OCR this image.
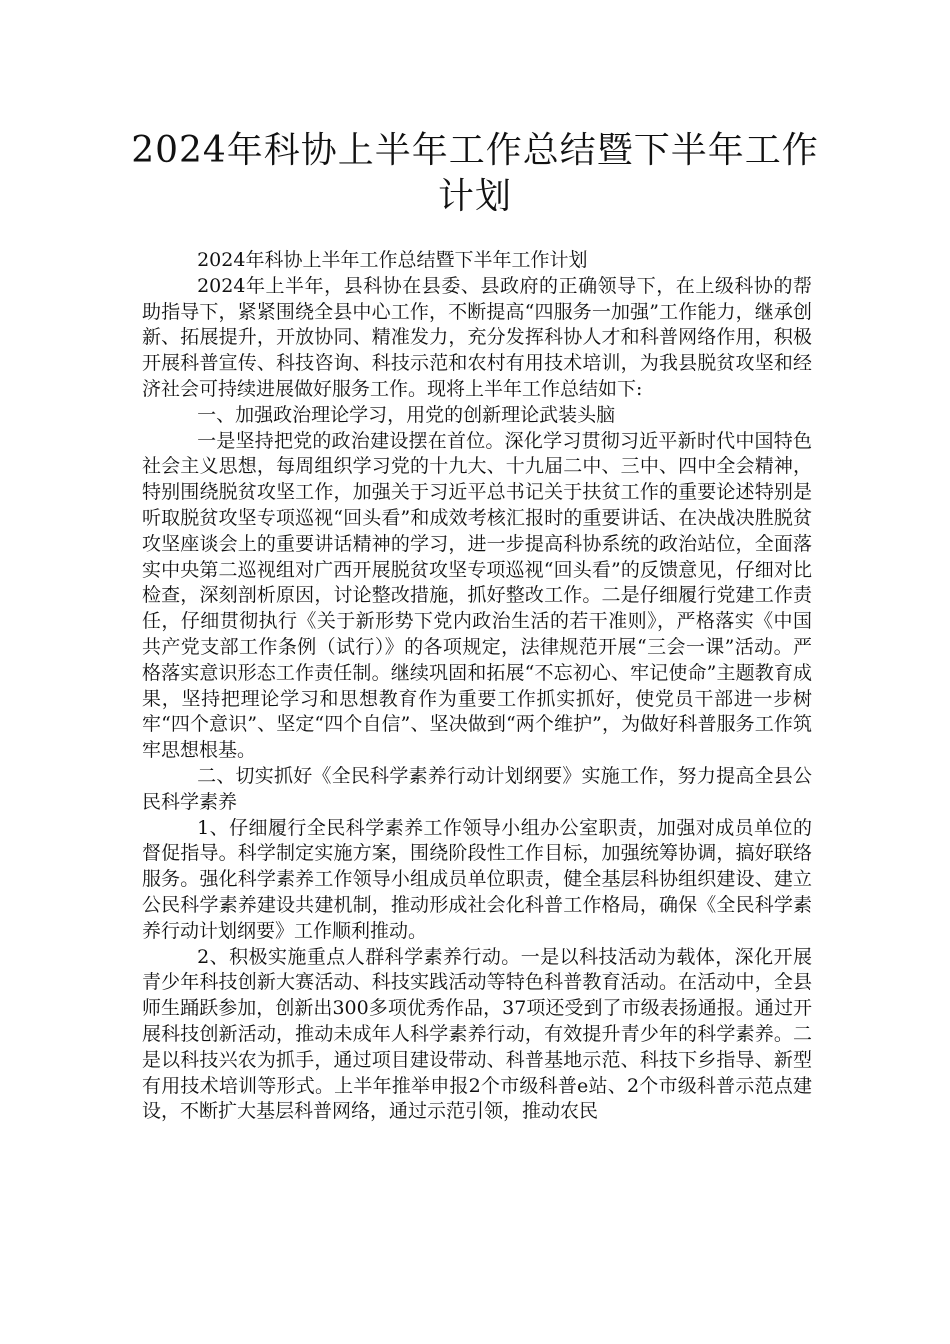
2024年科协上半年工作总结暨下半年工作计划

2024年科协上半年工作总结暨下半年工作计划

2024年上半年，县科协在县委、县政府的正确领导下，在上级科协的帮助指导下，紧紧围绕全县中心工作，不断提高“四服务一加强”工作能力，继承创新、拓展提升，开放协同、精准发力，充分发挥科协人才和科普网络作用，积极开展科普宣传、科技咨询、科技示范和农村有用技术培训，为我县脱贫攻坚和经济社会可持续进展做好服务工作。现将上半年工作总结如下:

一、加强政治理论学习，用党的创新理论武装头脑

一是坚持把党的政治建设摆在首位。深化学习贯彻习近平新时代中国特色社会主义思想，每周组织学习党的十九大、十九届二中、三中、四中全会精神，特别围绕脱贫攻坚工作，加强关于习近平总书记关于扶贫工作的重要论述特别是听取脱贫攻坚专项巡视“回头看”和成效考核汇报时的重要讲话、在决战决胜脱贫攻坚座谈会上的重要讲话精神的学习，进一步提高科协系统的政治站位，全面落实中央第二巡视组对广西开展脱贫攻坚专项巡视“回头看”的反馈意见，仔细对比检查，深刻剖析原因，讨论整改措施，抓好整改工作。二是仔细履行党建工作责任，仔细贯彻执行《关于新形势下党内政治生活的若干准则》，严格落实《中国共产党支部工作条例（试行）》的各项规定，法律规范开展“三会一课”活动。严格落实意识形态工作责任制。继续巩固和拓展“不忘初心、牢记使命”主题教育成果，坚持把理论学习和思想教育作为重要工作抓实抓好，使党员干部进一步树牢“四个意识”、坚定“四个自信”、坚决做到“两个维护”，为做好科普服务工作筑牢思想根基。

二、切实抓好《全民科学素养行动计划纲要》实施工作，努力提高全县公民科学素养

1、仔细履行全民科学素养工作领导小组办公室职责，加强对成员单位的督促指导。科学制定实施方案，围绕阶段性工作目标，加强统筹协调，搞好联络服务。强化科学素养工作领导小组成员单位职责，健全基层科协组织建设、建立公民科学素养建设共建机制，推动形成社会化科普工作格局，确保《全民科学素养行动计划纲要》工作顺利推动。

2、积极实施重点人群科学素养行动。一是以科技活动为载体，深化开展青少年科技创新大赛活动、科技实践活动等特色科普教育活动。在活动中，全县师生踊跃参加，创新出300多项优秀作品，37项还受到了市级表扬通报。通过开展科技创新活动，推动未成年人科学素养行动，有效提升青少年的科学素养。二是以科技兴农为抓手，通过项目建设带动、科普基地示范、科技下乡指导、新型有用技术培训等形式。上半年推举申报2个市级科普e站、2个市级科普示范点建设，不断扩大基层科普网络，通过示范引领，推动农民
